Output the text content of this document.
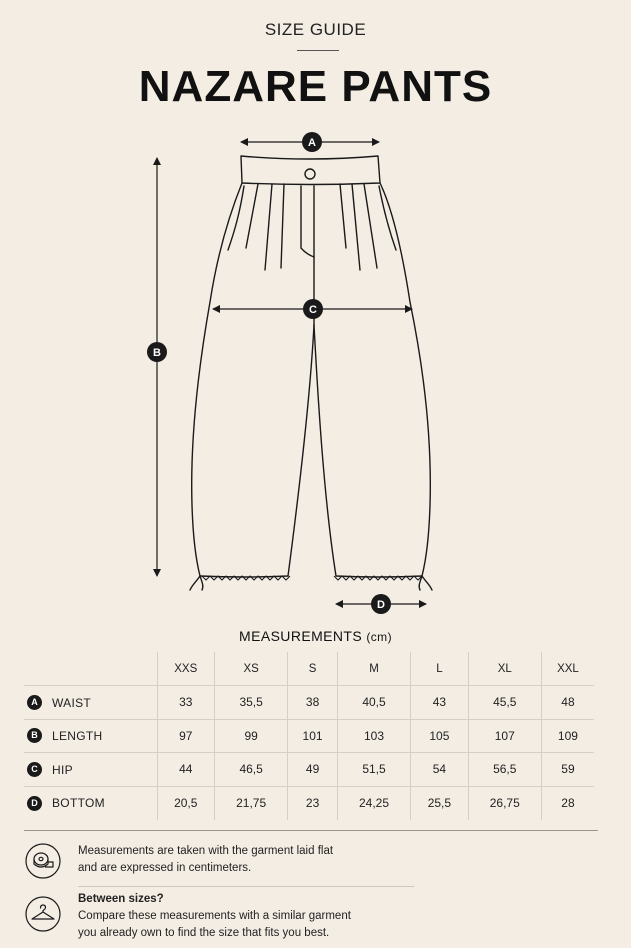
SIZE GUIDE
NAZARE PANTS
A
B
C
D
MEASUREMENTS (cm)
	XXS	XS	S	M	L	XL	XXL
A WAIST	33	35,5	38	40,5	43	45,5	48
B LENGTH	97	99	101	103	105	107	109
C HIP	44	46,5	49	51,5	54	56,5	59
D BOTTOM	20,5	21,75	23	24,25	25,5	26,75	28
Measurements are taken with the garment laid flat
and are expressed in centimeters.
Between sizes?
Compare these measurements with a similar garment
you already own to find the size that fits you best.
